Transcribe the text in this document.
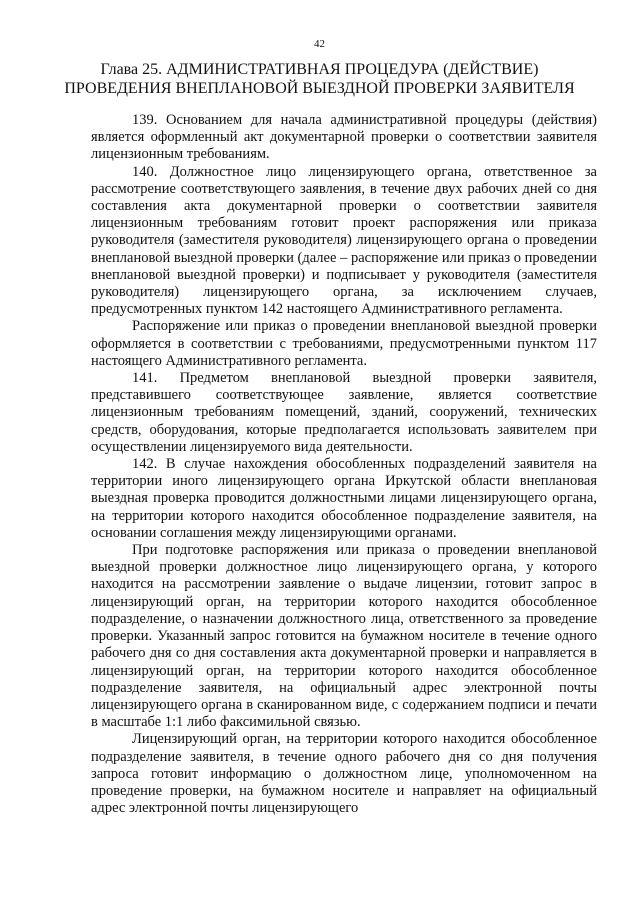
42
Глава 25. АДМИНИСТРАТИВНАЯ ПРОЦЕДУРА (ДЕЙСТВИЕ) ПРОВЕДЕНИЯ ВНЕПЛАНОВОЙ ВЫЕЗДНОЙ ПРОВЕРКИ ЗАЯВИТЕЛЯ

139. Основанием для начала административной процедуры (действия) является оформленный акт документарной проверки о соответствии заявителя лицензионным требованиям.

140. Должностное лицо лицензирующего органа, ответственное за рассмотрение соответствующего заявления, в течение двух рабочих дней со дня составления акта документарной проверки о соответствии заявителя лицензионным требованиям готовит проект распоряжения или приказа руководителя (заместителя руководителя) лицензирующего органа о проведении внеплановой выездной проверки (далее – распоряжение или приказ о проведении внеплановой выездной проверки) и подписывает у руководителя (заместителя руководителя) лицензирующего органа, за исключением случаев, предусмотренных пунктом 142 настоящего Административного регламента.

Распоряжение или приказ о проведении внеплановой выездной проверки оформляется в соответствии с требованиями, предусмотренными пунктом 117 настоящего Административного регламента.

141. Предметом внеплановой выездной проверки заявителя, представившего соответствующее заявление, является соответствие лицензионным требованиям помещений, зданий, сооружений, технических средств, оборудования, которые предполагается использовать заявителем при осуществлении лицензируемого вида деятельности.

142. В случае нахождения обособленных подразделений заявителя на территории иного лицензирующего органа Иркутской области внеплановая выездная проверка проводится должностными лицами лицензирующего органа, на территории которого находится обособленное подразделение заявителя, на основании соглашения между лицензирующими органами.

При подготовке распоряжения или приказа о проведении внеплановой выездной проверки должностное лицо лицензирующего органа, у которого находится на рассмотрении заявление о выдаче лицензии, готовит запрос в лицензирующий орган, на территории которого находится обособленное подразделение, о назначении должностного лица, ответственного за проведение проверки. Указанный запрос готовится на бумажном носителе в течение одного рабочего дня со дня составления акта документарной проверки и направляется в лицензирующий орган, на территории которого находится обособленное подразделение заявителя, на официальный адрес электронной почты лицензирующего органа в сканированном виде, с содержанием подписи и печати в масштабе 1:1 либо факсимильной связью.

Лицензирующий орган, на территории которого находится обособленное подразделение заявителя, в течение одного рабочего дня со дня получения запроса готовит информацию о должностном лице, уполномоченном на проведение проверки, на бумажном носителе и направляет на официальный адрес электронной почты лицензирующего
